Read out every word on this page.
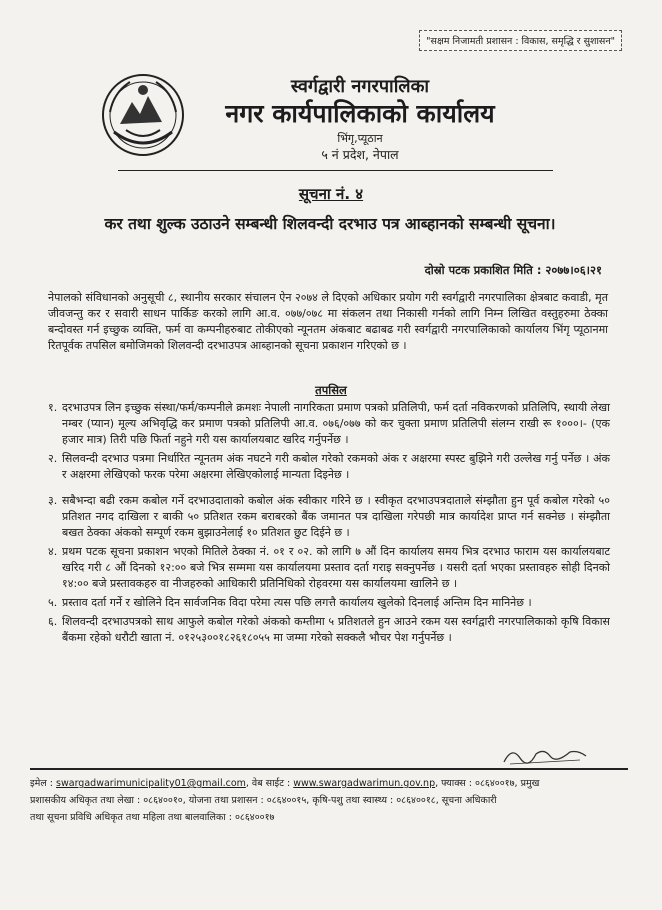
"सक्षम निजामती प्रशासन : विकास, समृद्धि र सुशासन"

स्वर्गद्वारी नगरपालिका

नगर कार्यपालिकाको कार्यालय

भिंगृ,प्यूठान

५ नं प्रदेश, नेपाल

सूचना नं. ४
कर तथा शुल्क उठाउने सम्बन्धी शिलवन्दी दरभाउ पत्र आब्हानको सम्बन्धी सूचना।
दोस्रो पटक प्रकाशित मिति : २०७७।०६।२१

नेपालको संविधानको अनुसूची ८, स्थानीय सरकार संचालन ऐन २०७४ ले दिएको अधिकार प्रयोग गरी स्वर्गद्वारी नगरपालिका क्षेत्रबाट कवाडी, मृत जीवजन्तु कर र सवारी साधन पार्किङ करको लागि आ.व. ०७७/०७८ मा संकलन तथा निकासी गर्नको लागि निम्न लिखित वस्तुहरुमा ठेक्का बन्दोवस्त गर्न इच्छुक व्यक्ति, फर्म वा कम्पनीहरुबाट तोकीएको न्यूनतम अंकबाट बढाबढ गरी स्वर्गद्वारी नगरपालिकाको कार्यालय भिंगृ प्यूठानमा रितपूर्वक तपसिल बमोजिमको शिलवन्दी दरभाउपत्र आब्हानको सूचना प्रकाशन गरिएको छ ।

तपसिल
१. दरभाउपत्र लिन इच्छुक संस्था/फर्म/कम्पनीले क्रमशः नेपाली नागरिकता प्रमाण पत्रको प्रतिलिपी, फर्म दर्ता नविकरणको प्रतिलिपि, स्थायी लेखा नम्बर (प्यान) मूल्य अभिवृद्धि कर प्रमाण पत्रको प्रतिलिपी आ.व. ०७६/०७७ को कर चुक्ता प्रमाण प्रतिलिपी संलग्न राखी रू १०००।- (एक हजार मात्र) तिरी पछि फिर्ता नहुने गरी यस कार्यालयबाट खरिद गर्नुपर्नेछ ।
२. सिलवन्दी दरभाउ पत्रमा निर्धारित न्यूनतम अंक नघटने गरी कबोल गरेको रकमको अंक र अक्षरमा स्पस्ट बुझिने गरी उल्लेख गर्नु पर्नेछ । अंक र अक्षरमा लेखिएको फरक परेमा अक्षरमा लेखिएकोलाई मान्यता दिइनेछ ।
३. सबैभन्दा बढी रकम कबोल गर्ने दरभाउदाताको कबोल अंक स्वीकार गरिने छ । स्वीकृत दरभाउपत्रदाताले संम्झौता हुन पूर्व कबोल गरेको ५० प्रतिशत नगद दाखिला र बाकी ५० प्रतिशत रकम बराबरको बैंक जमानत पत्र दाखिला गरेपछी मात्र कार्यादेश प्राप्त गर्न सक्नेछ । संम्झौता बखत ठेक्का अंकको सम्पूर्ण रकम बुझाउनेलाई १० प्रतिशत छुट दिईने छ ।
४. प्रथम पटक सूचना प्रकाशन भएको मितिले ठेक्का नं. ०१ र ०२. को लागि ७ औं दिन कार्यालय समय भित्र दरभाउ फाराम यस कार्यालयबाट खरिद गरी ८ औं दिनको १२:०० बजे भित्र सम्ममा यस कार्यालयमा प्रस्ताव दर्ता गराइ सक्नुपर्नेछ । यसरी दर्ता भएका प्रस्तावहरु सोही दिनको १४:०० बजे प्रस्तावकहरु वा नीजहरुको आधिकारी प्रतिनिधिको रोहवरमा यस कार्यालयमा खालिने छ ।
५. प्रस्ताव दर्ता गर्ने र खोलिने दिन सार्वजनिक विदा परेमा त्यस पछि लगत्तै कार्यालय खुलेको दिनलाई अन्तिम दिन मानिनेछ ।
६. शिलवन्दी दरभाउपत्रको साथ आफुले कबोल गरेको अंकको कम्तीमा ५ प्रतिशतले हुन आउने रकम यस स्वर्गद्वारी नगरपालिकाको कृषि विकास बैंकमा रहेको धरौटी खाता नं. ०१२५३००१८२६१८०५५ मा जम्मा गरेको सक्कलै भौचर पेश गर्नुपर्नेछ ।

इमेल : swargadwarimunicipality01@gmail.com, वेब साईट : www.swargadwarimun.gov.np, फ्याक्स : ०८६४००१७, प्रमुख
प्रशासकीय अधिकृत तथा लेखा : ०८६४००१०, योजना तथा प्रशासन : ०८६४००१५, कृषि-पशु तथा स्वास्थ्य : ०८६४००१८, सूचना अधिकारी
तथा सूचना प्रविधि अधिकृत तथा महिला तथा बालवालिका : ०८६४००१७
